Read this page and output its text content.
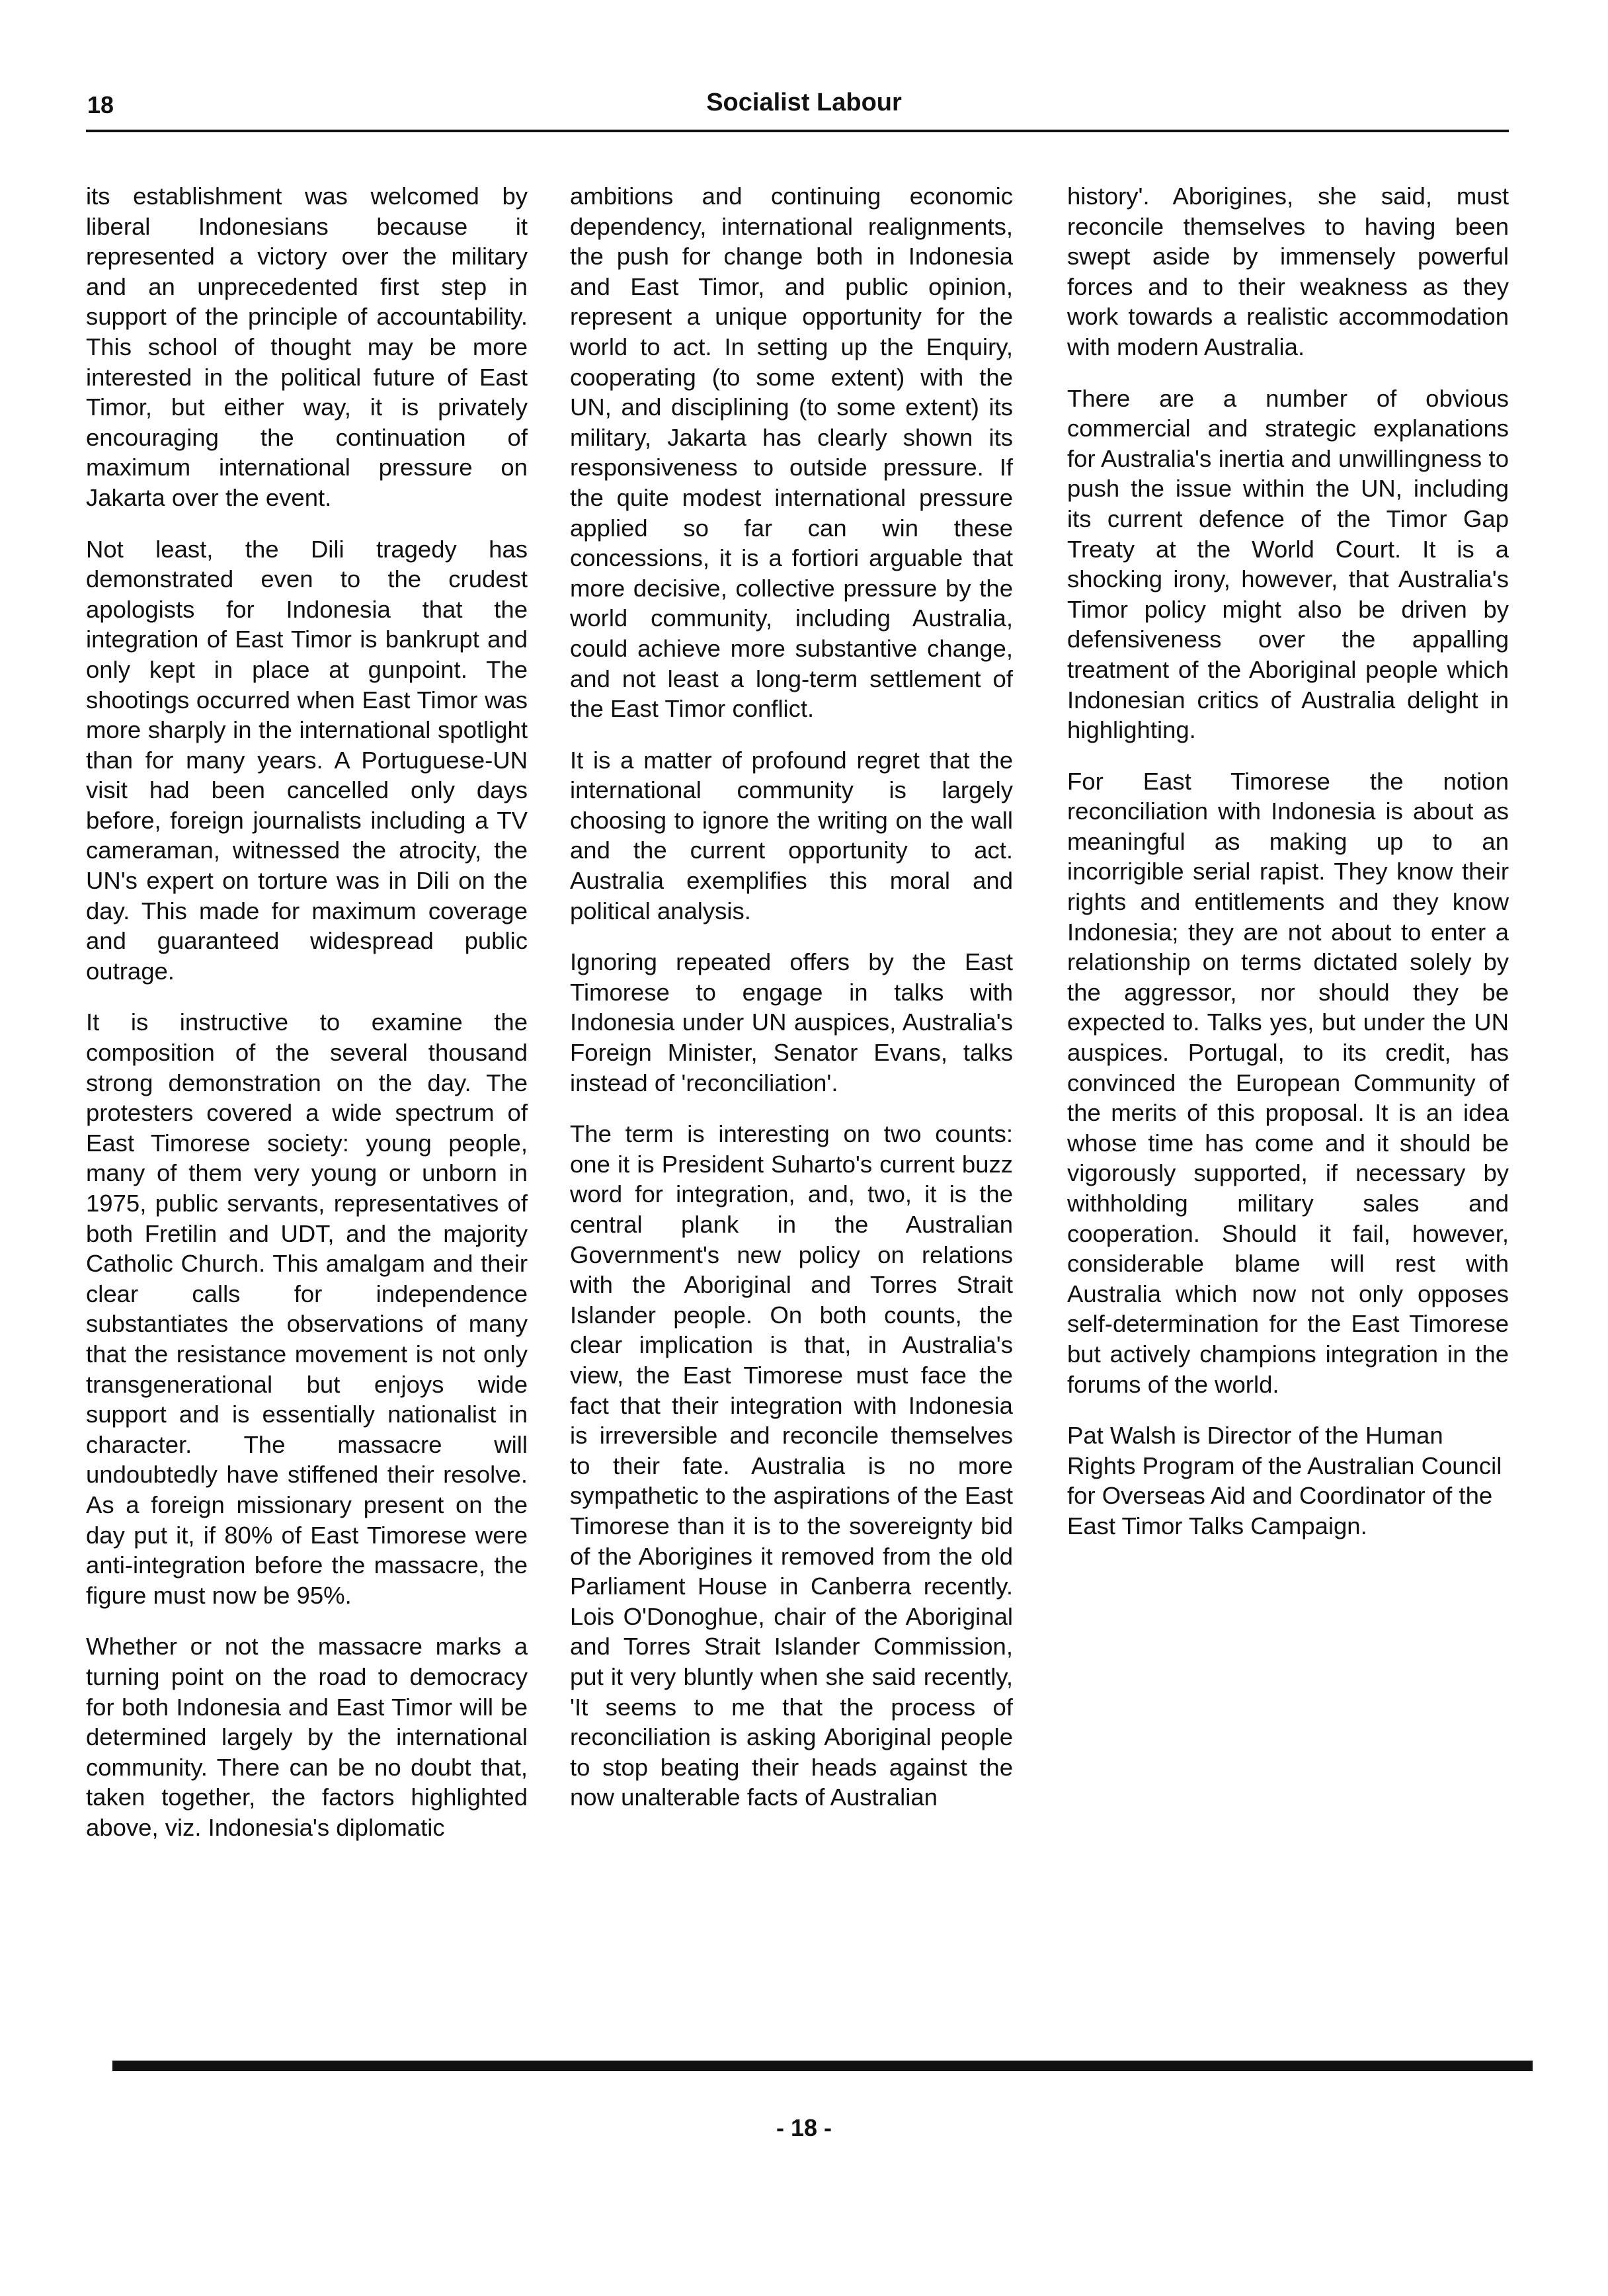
18	Socialist Labour

its establishment was welcomed by liberal Indonesians because it represented a victory over the military and an unprecedented first step in support of the principle of accountability. This school of thought may be more interested in the political future of East Timor, but either way, it is privately encouraging the continuation of maximum international pressure on Jakarta over the event.

Not least, the Dili tragedy has demonstrated even to the crudest apologists for Indonesia that the integration of East Timor is bankrupt and only kept in place at gunpoint. The shootings occurred when East Timor was more sharply in the international spotlight than for many years. A Portuguese-UN visit had been cancelled only days before, foreign journalists including a TV cameraman, witnessed the atrocity, the UN's expert on torture was in Dili on the day. This made for maximum coverage and guaranteed widespread public outrage.

It is instructive to examine the composition of the several thousand strong demonstration on the day. The protesters covered a wide spectrum of East Timorese society: young people, many of them very young or unborn in 1975, public servants, representatives of both Fretilin and UDT, and the majority Catholic Church. This amalgam and their clear calls for independence substantiates the observations of many that the resistance movement is not only transgenerational but enjoys wide support and is essentially nationalist in character. The massacre will undoubtedly have stiffened their resolve. As a foreign missionary present on the day put it, if 80% of East Timorese were anti-integration before the massacre, the figure must now be 95%.

Whether or not the massacre marks a turning point on the road to democracy for both Indonesia and East Timor will be determined largely by the international community. There can be no doubt that, taken together, the factors highlighted above, viz. Indonesia's diplomatic

ambitions and continuing economic dependency, international realignments, the push for change both in Indonesia and East Timor, and public opinion, represent a unique opportunity for the world to act. In setting up the Enquiry, cooperating (to some extent) with the UN, and disciplining (to some extent) its military, Jakarta has clearly shown its responsiveness to outside pressure. If the quite modest international pressure applied so far can win these concessions, it is a fortiori arguable that more decisive, collective pressure by the world community, including Australia, could achieve more substantive change, and not least a long-term settlement of the East Timor conflict.

It is a matter of profound regret that the international community is largely choosing to ignore the writing on the wall and the current opportunity to act. Australia exemplifies this moral and political analysis.

Ignoring repeated offers by the East Timorese to engage in talks with Indonesia under UN auspices, Australia's Foreign Minister, Senator Evans, talks instead of 'reconciliation'.

The term is interesting on two counts: one it is President Suharto's current buzz word for integration, and, two, it is the central plank in the Australian Government's new policy on relations with the Aboriginal and Torres Strait Islander people. On both counts, the clear implication is that, in Australia's view, the East Timorese must face the fact that their integration with Indonesia is irreversible and reconcile themselves to their fate. Australia is no more sympathetic to the aspirations of the East Timorese than it is to the sovereignty bid of the Aborigines it removed from the old Parliament House in Canberra recently. Lois O'Donoghue, chair of the Aboriginal and Torres Strait Islander Commission, put it very bluntly when she said recently, 'It seems to me that the process of reconciliation is asking Aboriginal people to stop beating their heads against the now unalterable facts of Australian

history'. Aborigines, she said, must reconcile themselves to having been swept aside by immensely powerful forces and to their weakness as they work towards a realistic accommodation with modern Australia.

There are a number of obvious commercial and strategic explanations for Australia's inertia and unwillingness to push the issue within the UN, including its current defence of the Timor Gap Treaty at the World Court. It is a shocking irony, however, that Australia's Timor policy might also be driven by defensiveness over the appalling treatment of the Aboriginal people which Indonesian critics of Australia delight in highlighting.

For East Timorese the notion reconciliation with Indonesia is about as meaningful as making up to an incorrigible serial rapist. They know their rights and entitlements and they know Indonesia; they are not about to enter a relationship on terms dictated solely by the aggressor, nor should they be expected to. Talks yes, but under the UN auspices. Portugal, to its credit, has convinced the European Community of the merits of this proposal. It is an idea whose time has come and it should be vigorously supported, if necessary by withholding military sales and cooperation. Should it fail, however, considerable blame will rest with Australia which now not only opposes self-determination for the East Timorese but actively champions integration in the forums of the world.

Pat Walsh is Director of the Human Rights Program of the Australian Council for Overseas Aid and Coordinator of the East Timor Talks Campaign.

- 18 -
